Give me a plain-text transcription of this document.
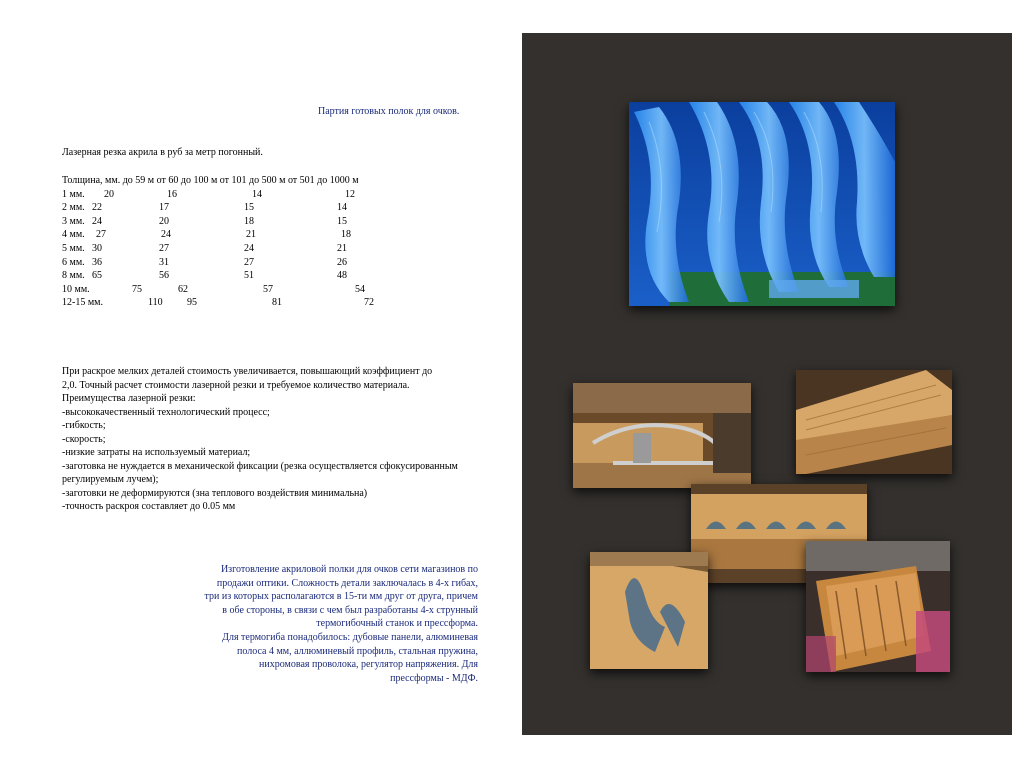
Партия готовых полок для очков.
Лазерная резка акрила в руб за метр погонный.
Толщина, мм. до 59 м от 60 до 100 м от 101 до 500 м от 501 до 1000 м
1 мм. 20	16	14	12
2 мм. 22	17	15	14
3 мм. 24	20	18	15
4 мм. 27	24	21	18
5 мм. 30	27	24	21
6 мм. 36	31	27	26
8 мм. 65	56	51	48
10 мм.	75	62	57	54
12-15 мм.	110 95	81	72
При раскрое мелких деталей стоимость увеличивается, повышающий коэффициент до
2,0. Точный расчет стоимости лазерной резки и требуемое количество материала.
Преимущества лазерной резки:
-высококачественный технологический процесс;
-гибкость;
-скорость;
-низкие затраты на используемый материал;
-заготовка не нуждается в механической фиксации (резка осуществляется сфокусированным
регулируемым лучем);
-заготовки не деформируются (зна теплового воздействия минимальна)
-точность раскроя составляет до 0.05 мм
Изготовление акриловой полки для очков сети магазинов по
продажи оптики. Сложность детали заключалась в 4-х гибах,
три из которых располагаются в 15-ти мм друг от друга, причем
в обе стороны, в связи с чем был разработаны 4-х струнный
термогибочный станок и прессформа.
Для термогиба понадобилось: дубовые панели, алюминевая
полоса 4 мм, аллюминевый профиль, стальная пружина,
нихромовая проволока, регулятор напряжения. Для
прессформы - МДФ.
